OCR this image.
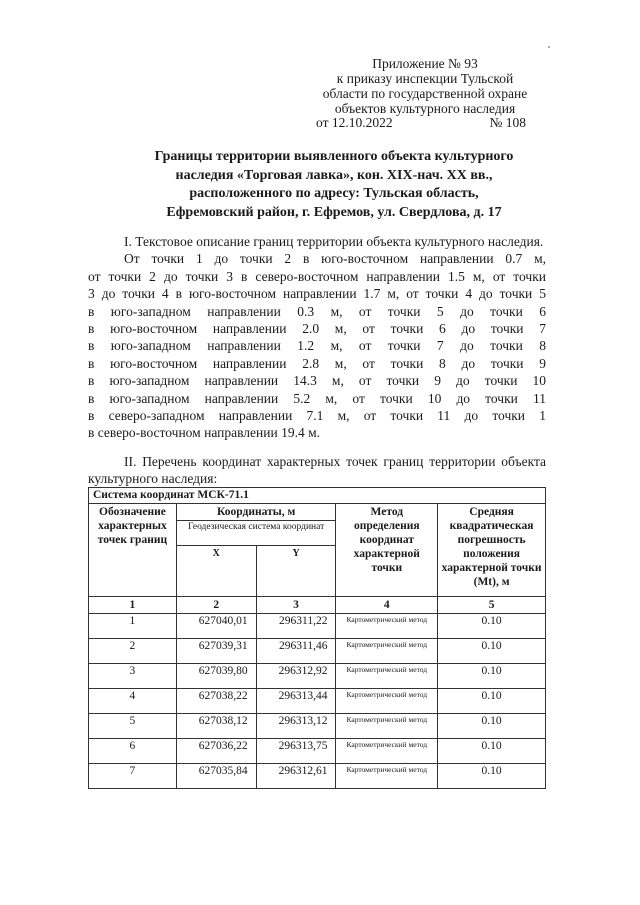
Приложение № 93
к приказу инспекции Тульской
области по государственной охране
объектов культурного наследия
от 12.10.2022	№ 108
Границы территории выявленного объекта культурного
наследия «Торговая лавка», кон. XIX-нач. XX вв.,
расположенного по адресу: Тульская область,
Ефремовский район, г. Ефремов, ул. Свердлова, д. 17

I. Текстовое описание границ территории объекта культурного наследия.

От точки 1 до точки 2 в юго-восточном направлении 0.7 м,

от точки 2 до точки 3 в северо-восточном направлении 1.5 м, от точки

3 до точки 4 в юго-восточном направлении 1.7 м, от точки 4 до точки 5

в юго-западном направлении 0.3 м, от точки 5 до точки 6

в юго-восточном направлении 2.0 м, от точки 6 до точки 7

в юго-западном направлении 1.2 м, от точки 7 до точки 8

в юго-восточном направлении 2.8 м, от точки 8 до точки 9

в юго-западном направлении 14.3 м, от точки 9 до точки 10

в юго-западном направлении 5.2 м, от точки 10 до точки 11

в северо-западном направлении 7.1 м, от точки 11 до точки 1

в северо-восточном направлении 19.4 м.

II. Перечень координат характерных точек границ территории объекта культурного наследия:

Система координат МСК-71.1				
Обозначение характерных точек границ	Координаты, м		Метод определения координат характерной точки	Средняя квадратическая погрешность положения характерной точки (Mt), м
	Геодезическая система координат			
	X	Y		
1	2	3	4	5
1	627040,01	296311,22	Картометрический метод	0.10
2	627039,31	296311,46	Картометрический метод	0.10
3	627039,80	296312,92	Картометрический метод	0.10
4	627038,22	296313,44	Картометрический метод	0.10
5	627038,12	296313,12	Картометрический метод	0.10
6	627036,22	296313,75	Картометрический метод	0.10
7	627035,84	296312,61	Картометрический метод	0.10
